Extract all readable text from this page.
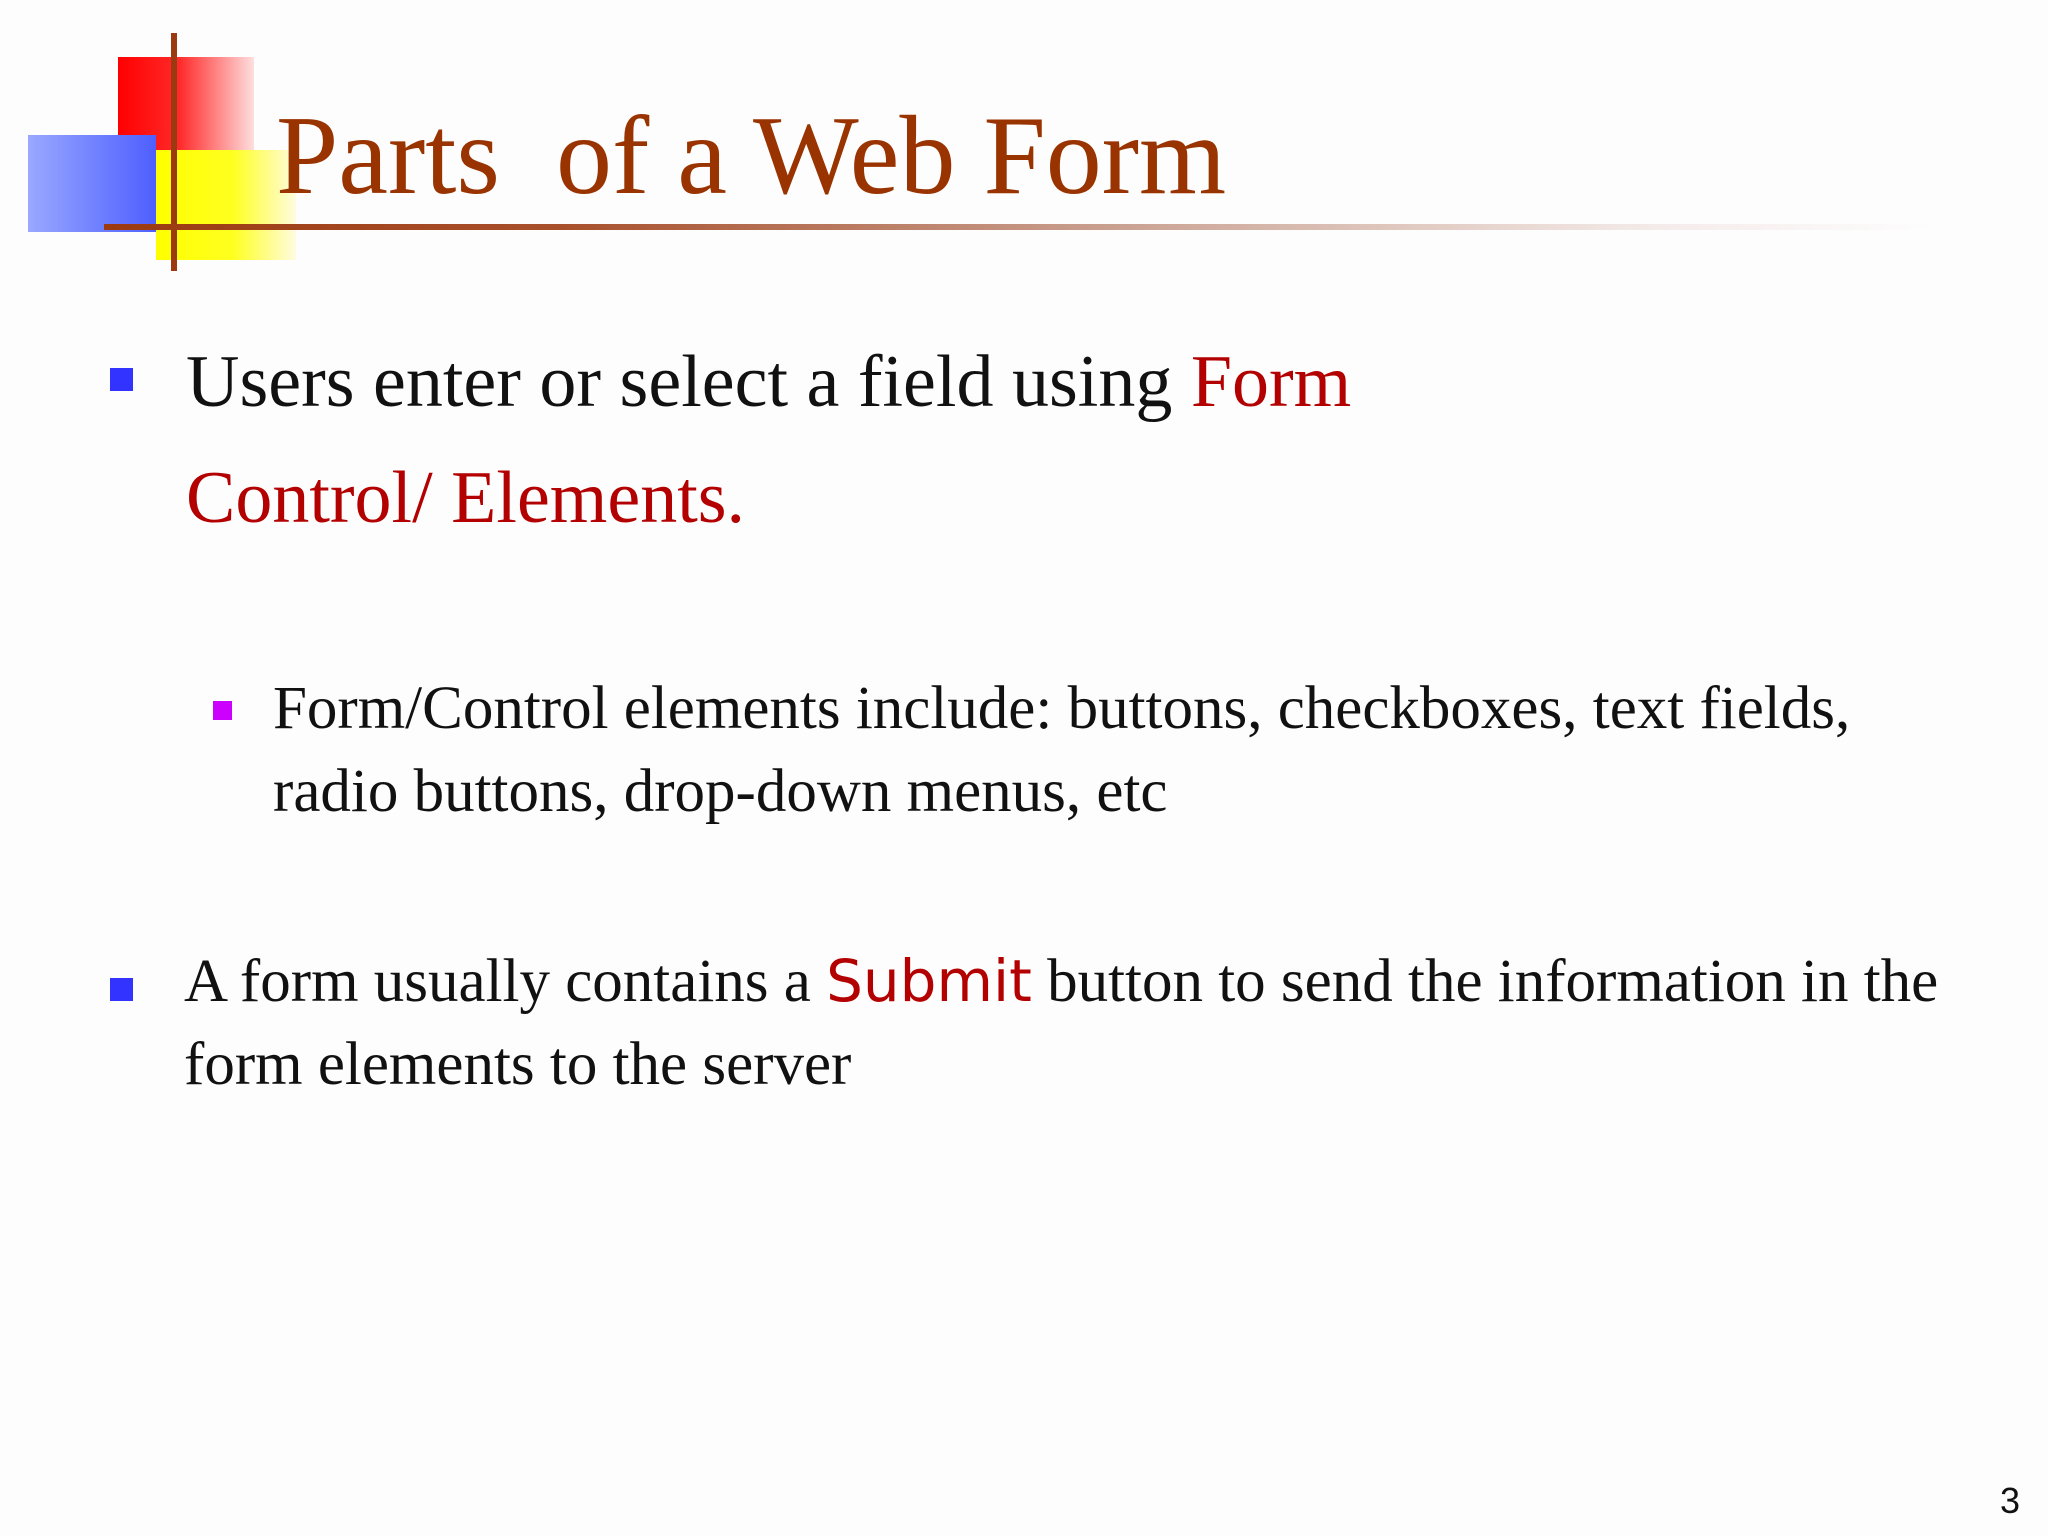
Parts  of a Web Form

Users enter or select a field using Form Control/ Elements.

Form/Control elements include: buttons, checkboxes, text fields, radio buttons, drop-down menus, etc

A form usually contains a Submit button to send the information in the form elements to the server

3
